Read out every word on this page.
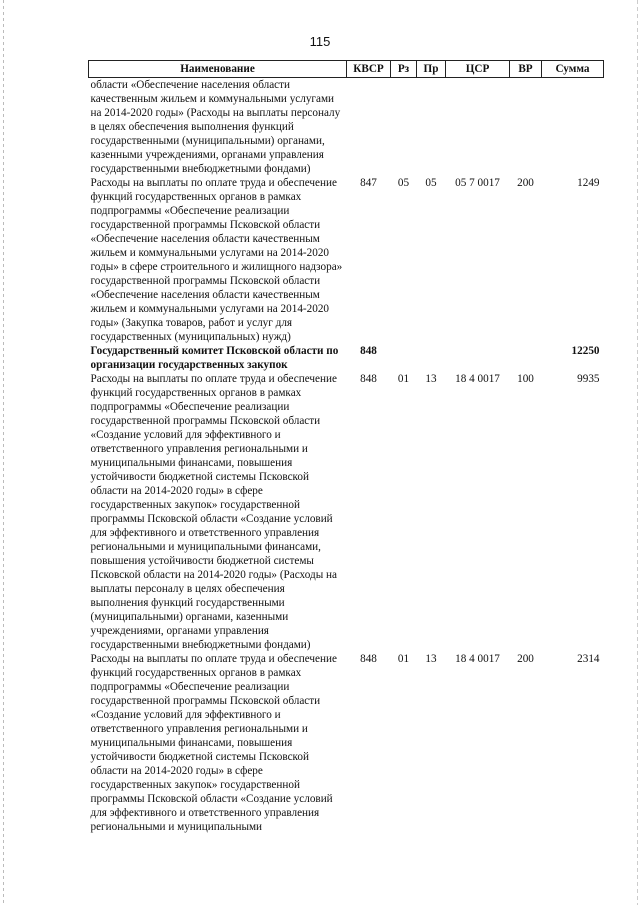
115
Наименование	КВСР	Рз	Пр	ЦСР	ВР	Сумма
области «Обеспечение населения области качественным жильем и коммунальными услугами на 2014-2020 годы» (Расходы на выплаты персоналу в целях обеспечения выполнения функций государственными (муниципальными) органами, казенными учреждениями, органами управления государственными внебюджетными фондами)						
Расходы на выплаты по оплате труда и обеспечение функций государственных органов в рамках подпрограммы «Обеспечение реализации государственной программы Псковской области «Обеспечение населения области качественным жильем и коммунальными услугами на 2014-2020 годы» в сфере строительного и жилищного надзора» государственной программы Псковской области «Обеспечение населения области качественным жильем и коммунальными услугами на 2014-2020 годы» (Закупка товаров, работ и услуг для государственных (муниципальных) нужд)	847	05	05	05 7 0017	200	1249
Государственный комитет Псковской области по организации государственных закупок	848					12250
Расходы на выплаты по оплате труда и обеспечение функций государственных органов в рамках подпрограммы «Обеспечение реализации государственной программы Псковской области «Создание условий для эффективного и ответственного управления региональными и муниципальными финансами, повышения устойчивости бюджетной системы Псковской области на 2014-2020 годы» в сфере государственных закупок» государственной программы Псковской области «Создание условий для эффективного и ответственного управления региональными и муниципальными финансами, повышения устойчивости бюджетной системы Псковской области на 2014-2020 годы» (Расходы на выплаты персоналу в целях обеспечения выполнения функций государственными (муниципальными) органами, казенными учреждениями, органами управления государственными внебюджетными фондами)	848	01	13	18 4 0017	100	9935
Расходы на выплаты по оплате труда и обеспечение функций государственных органов в рамках подпрограммы «Обеспечение реализации государственной программы Псковской области «Создание условий для эффективного и ответственного управления региональными и муниципальными финансами, повышения устойчивости бюджетной системы Псковской области на 2014-2020 годы» в сфере государственных закупок» государственной программы Псковской области «Создание условий для эффективного и ответственного управления региональными и муниципальными	848	01	13	18 4 0017	200	2314
